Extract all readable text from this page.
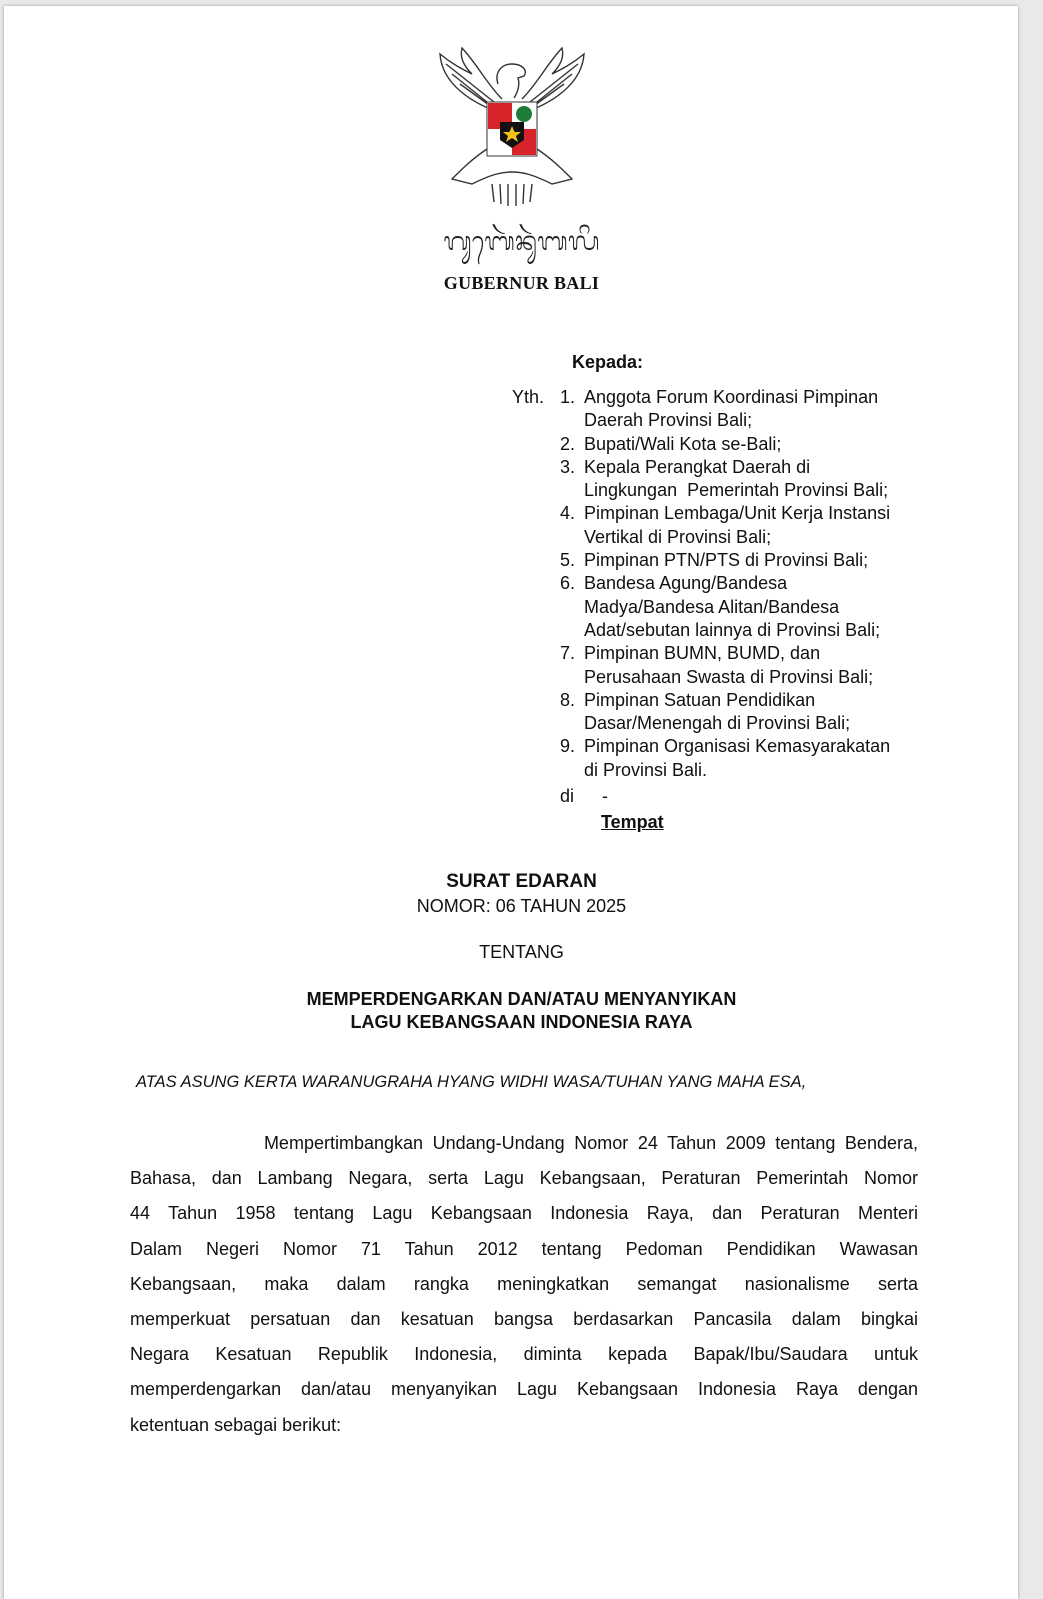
ᬕᬸᬩᬾᬃᬦᬸᬃᬩᬮᬶ
GUBERNUR BALI
Kepada:
Yth. 1. Anggota Forum Koordinasi Pimpinan
Daerah Provinsi Bali;
2. Bupati/Wali Kota se-Bali;
3. Kepala Perangkat Daerah di
Lingkungan  Pemerintah Provinsi Bali;
4. Pimpinan Lembaga/Unit Kerja Instansi
Vertikal di Provinsi Bali;
5. Pimpinan PTN/PTS di Provinsi Bali;
6. Bandesa Agung/Bandesa
Madya/Bandesa Alitan/Bandesa
Adat/sebutan lainnya di Provinsi Bali;
7. Pimpinan BUMN, BUMD, dan
Perusahaan Swasta di Provinsi Bali;
8. Pimpinan Satuan Pendidikan
Dasar/Menengah di Provinsi Bali;
9. Pimpinan Organisasi Kemasyarakatan
di Provinsi Bali.
di -
Tempat
SURAT EDARAN
NOMOR: 06 TAHUN 2025
TENTANG
MEMPERDENGARKAN DAN/ATAU MENYANYIKAN
LAGU KEBANGSAAN INDONESIA RAYA
ATAS ASUNG KERTA WARANUGRAHA HYANG WIDHI WASA/TUHAN YANG MAHA ESA,
Mempertimbangkan Undang-Undang Nomor 24 Tahun 2009 tentang Bendera,
Bahasa, dan Lambang Negara, serta Lagu Kebangsaan, Peraturan Pemerintah Nomor
44 Tahun 1958 tentang Lagu Kebangsaan Indonesia Raya, dan Peraturan Menteri
Dalam Negeri Nomor 71 Tahun 2012 tentang Pedoman Pendidikan Wawasan
Kebangsaan, maka dalam rangka meningkatkan semangat nasionalisme serta
memperkuat persatuan dan kesatuan bangsa berdasarkan Pancasila dalam bingkai
Negara Kesatuan Republik Indonesia, diminta kepada Bapak/Ibu/Saudara untuk
memperdengarkan dan/atau menyanyikan Lagu Kebangsaan Indonesia Raya dengan
ketentuan sebagai berikut:
